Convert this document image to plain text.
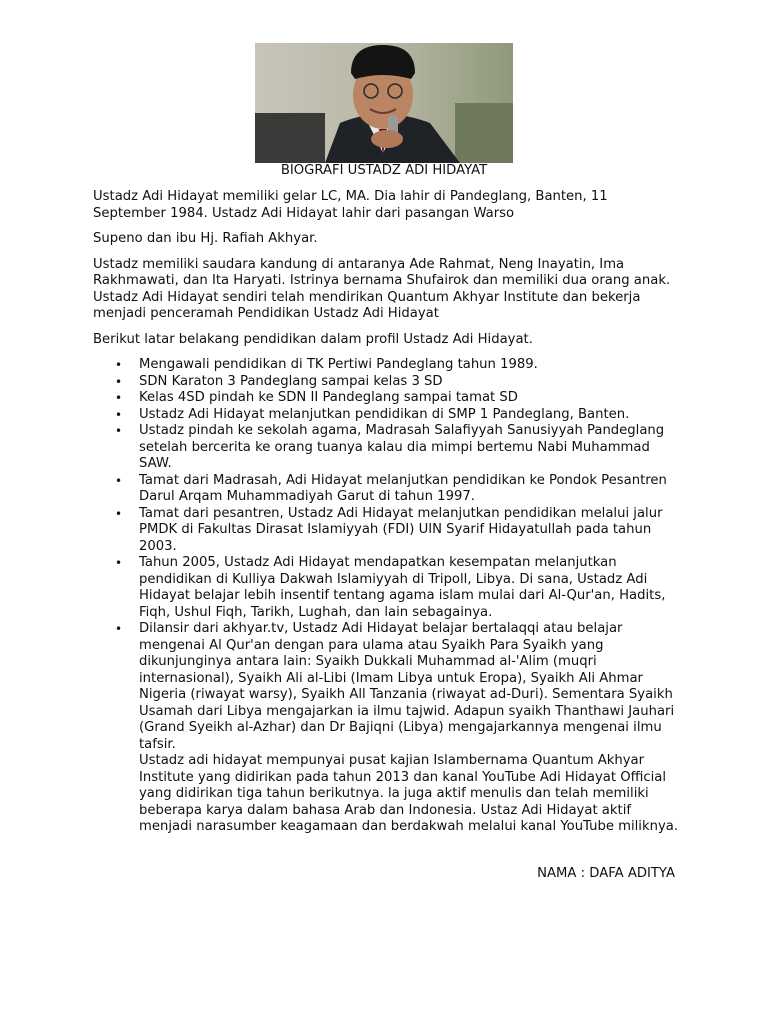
BIOGRAFI USTADZ ADI HIDAYAT

Ustadz Adi Hidayat memiliki gelar LC, MA. Dia lahir di Pandeglang, Banten, 11 September 1984. Ustadz Adi Hidayat lahir dari pasangan Warso

Supeno dan ibu Hj. Rafiah Akhyar.

Ustadz memiliki saudara kandung di antaranya Ade Rahmat, Neng Inayatin, Ima Rakhmawati, dan Ita Haryati. Istrinya bernama Shufairok dan memiliki dua orang anak. Ustadz Adi Hidayat sendiri telah mendirikan Quantum Akhyar Institute dan bekerja menjadi penceramah Pendidikan Ustadz Adi Hidayat

Berikut latar belakang pendidikan dalam profil Ustadz Adi Hidayat.

• Mengawali pendidikan di TK Pertiwi Pandeglang tahun 1989.
• SDN Karaton 3 Pandeglang sampai kelas 3 SD
• Kelas 4SD pindah ke SDN II Pandeglang sampai tamat SD
• Ustadz Adi Hidayat melanjutkan pendidikan di SMP 1 Pandeglang, Banten.
• Ustadz pindah ke sekolah agama, Madrasah Salafiyyah Sanusiyyah Pandeglang setelah bercerita ke orang tuanya kalau dia mimpi bertemu Nabi Muhammad SAW.
• Tamat dari Madrasah, Adi Hidayat melanjutkan pendidikan ke Pondok Pesantren Darul Arqam Muhammadiyah Garut di tahun 1997.
• Tamat dari pesantren, Ustadz Adi Hidayat melanjutkan pendidikan melalui jalur PMDK di Fakultas Dirasat Islamiyyah (FDI) UIN Syarif Hidayatullah pada tahun 2003.
• Tahun 2005, Ustadz Adi Hidayat mendapatkan kesempatan melanjutkan pendidikan di Kulliya Dakwah Islamiyyah di Tripoll, Libya. Di sana, Ustadz Adi Hidayat belajar lebih insentif tentang agama islam mulai dari Al-Qur'an, Hadits, Fiqh, Ushul Fiqh, Tarikh, Lughah, dan lain sebagainya.
• Dilansir dari akhyar.tv, Ustadz Adi Hidayat belajar bertalaqqi atau belajar mengenai Al Qur'an dengan para ulama atau Syaikh Para Syaikh yang dikunjunginya antara lain: Syaikh Dukkali Muhammad al-'Alim (muqri internasional), Syaikh Ali al-Libi (Imam Libya untuk Eropa), Syaikh Ali Ahmar Nigeria (riwayat warsy), Syaikh All Tanzania (riwayat ad-Duri). Sementara Syaikh Usamah dari Libya mengajarkan ia ilmu tajwid. Adapun syaikh Thanthawi Jauhari (Grand Syeikh al-Azhar) dan Dr Bajiqni (Libya) mengajarkannya mengenai ilmu tafsir.

Ustadz adi hidayat mempunyai pusat kajian Islambernama Quantum Akhyar Institute yang didirikan pada tahun 2013 dan kanal YouTube Adi Hidayat Official yang didirikan tiga tahun berikutnya. la juga aktif menulis dan telah memiliki beberapa karya dalam bahasa Arab dan Indonesia. Ustaz Adi Hidayat aktif menjadi narasumber keagamaan dan berdakwah melalui kanal YouTube miliknya.

NAMA : DAFA ADITYA
